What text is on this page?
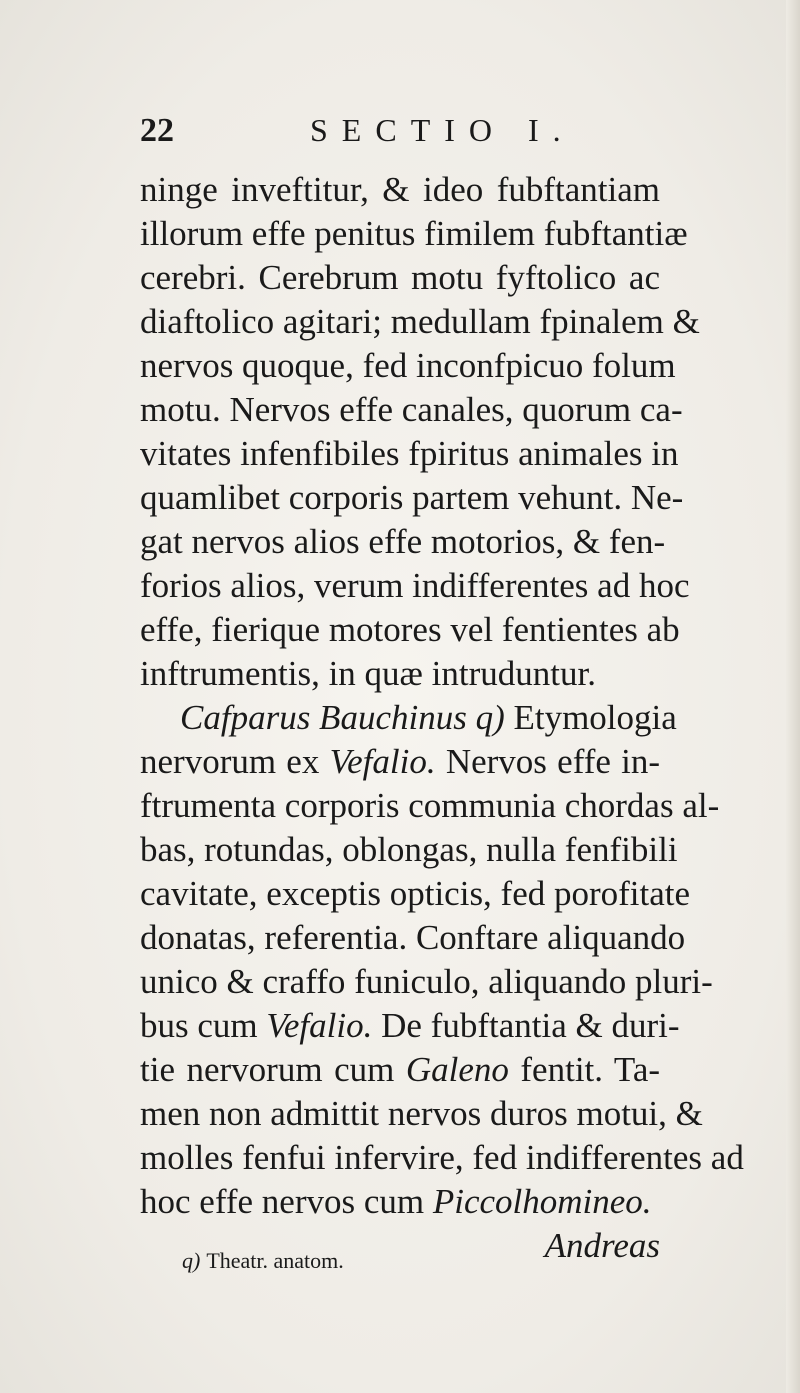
22	SECTIO I.
ninge inveftitur, & ideo fubftantiam
illorum effe penitus fimilem fubftantiæ
cerebri. Cerebrum motu fyftolico ac
diaftolico agitari; medullam fpinalem &
nervos quoque, fed inconfpicuo folum
motu. Nervos effe canales, quorum ca-
vitates infenfibiles fpiritus animales in
quamlibet corporis partem vehunt. Ne-
gat nervos alios effe motorios, & fen-
forios alios, verum indifferentes ad hoc
effe, fierique motores vel fentientes ab
inftrumentis, in quæ intruduntur.
Cafparus Bauchinus q) Etymologia
nervorum ex Vefalio. Nervos effe in-
ftrumenta corporis communia chordas al-
bas, rotundas, oblongas, nulla fenfibili
cavitate, exceptis opticis, fed porofitate
donatas, referentia. Conftare aliquando
unico & craffo funiculo, aliquando pluri-
bus cum Vefalio. De fubftantia & duri-
tie nervorum cum Galeno fentit. Ta-
men non admittit nervos duros motui, &
molles fenfui infervire, fed indifferentes ad
hoc effe nervos cum Piccolhomineo.
Andreas
q) Theatr. anatom.
